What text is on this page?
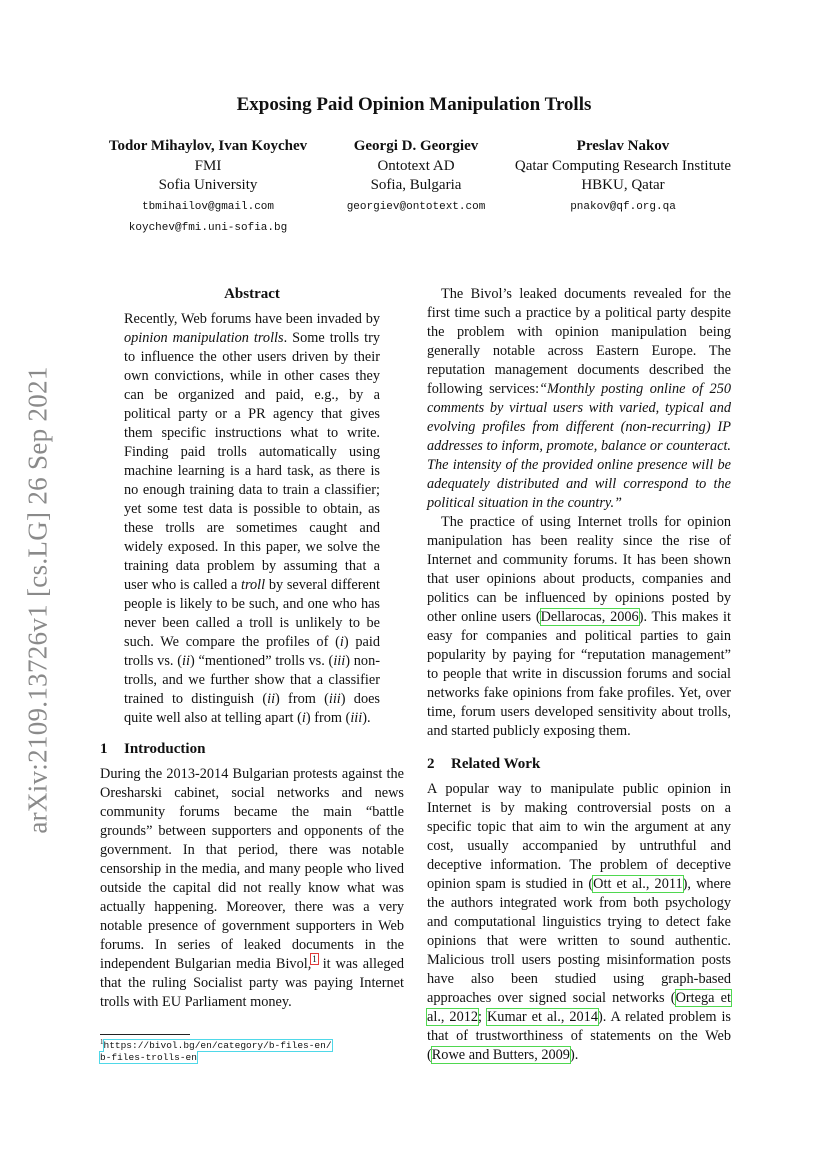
Exposing Paid Opinion Manipulation Trolls
Todor Mihaylov, Ivan Koychev
FMI
Sofia University
tbmihailov@gmail.com
koychev@fmi.uni-sofia.bg
Georgi D. Georgiev
Ontotext AD
Sofia, Bulgaria
georgiev@ontotext.com
Preslav Nakov
Qatar Computing Research Institute
HBKU, Qatar
pnakov@qf.org.qa
arXiv:2109.13726v1 [cs.LG] 26 Sep 2021
Abstract

Recently, Web forums have been invaded by opinion manipulation trolls. Some trolls try to influence the other users driven by their own convictions, while in other cases they can be organized and paid, e.g., by a political party or a PR agency that gives them specific instructions what to write. Finding paid trolls automatically using machine learning is a hard task, as there is no enough training data to train a classifier; yet some test data is possible to obtain, as these trolls are sometimes caught and widely exposed. In this paper, we solve the training data problem by assuming that a user who is called a troll by several different people is likely to be such, and one who has never been called a troll is unlikely to be such. We compare the profiles of (i) paid trolls vs. (ii) “mentioned” trolls vs. (iii) non-trolls, and we further show that a classifier trained to distinguish (ii) from (iii) does quite well also at telling apart (i) from (iii).

1 Introduction

During the 2013-2014 Bulgarian protests against the Oresharski cabinet, social networks and news community forums became the main “battle grounds” between supporters and opponents of the government. In that period, there was notable censorship in the media, and many people who lived outside the capital did not really know what was actually happening. Moreover, there was a very notable presence of government supporters in Web forums. In series of leaked documents in the independent Bulgarian media Bivol,$^1$ it was alleged that the ruling Socialist party was paying Internet trolls with EU Parliament money.

$^1$https://bivol.bg/en/category/b-files-en/
b-files-trolls-en

The Bivol’s leaked documents revealed for the first time such a practice by a political party despite the problem with opinion manipulation being generally notable across Eastern Europe. The reputation management documents described the following services:“Monthly posting online of 250 comments by virtual users with varied, typical and evolving profiles from different (non-recurring) IP addresses to inform, promote, balance or counteract. The intensity of the provided online presence will be adequately distributed and will correspond to the political situation in the country.”

The practice of using Internet trolls for opinion manipulation has been reality since the rise of Internet and community forums. It has been shown that user opinions about products, companies and politics can be influenced by opinions posted by other online users (Dellarocas, 2006). This makes it easy for companies and political parties to gain popularity by paying for “reputation management” to people that write in discussion forums and social networks fake opinions from fake profiles. Yet, over time, forum users developed sensitivity about trolls, and started publicly exposing them.

2 Related Work

A popular way to manipulate public opinion in Internet is by making controversial posts on a specific topic that aim to win the argument at any cost, usually accompanied by untruthful and deceptive information. The problem of deceptive opinion spam is studied in (Ott et al., 2011), where the authors integrated work from both psychology and computational linguistics trying to detect fake opinions that were written to sound authentic. Malicious troll users posting misinformation posts have also been studied using graph-based approaches over signed social networks (Ortega et al., 2012; Kumar et al., 2014). A related problem is that of trustworthiness of statements on the Web (Rowe and Butters, 2009).
